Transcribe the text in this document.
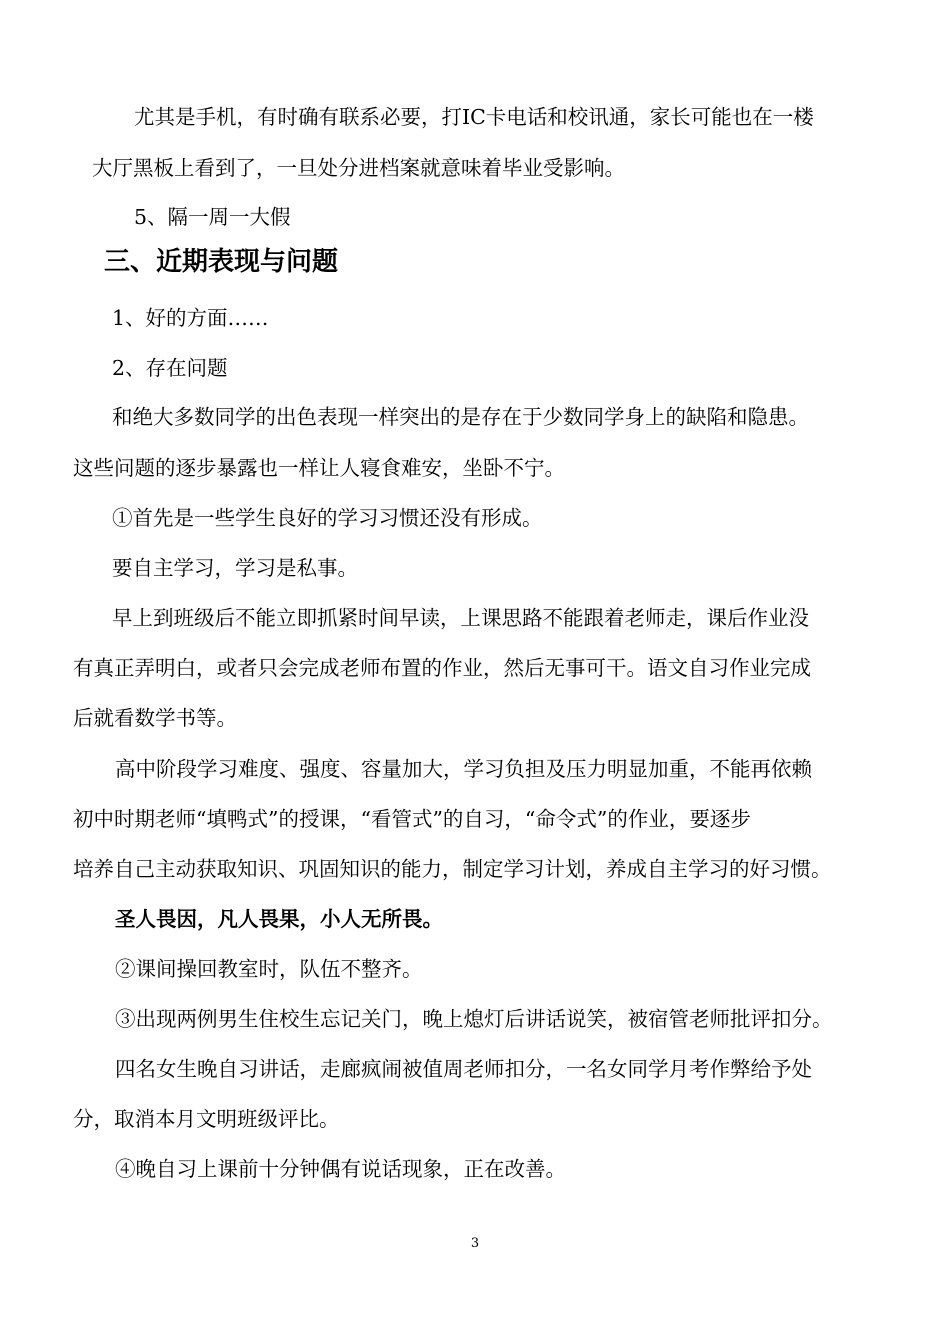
尤其是手机，有时确有联系必要，打IC卡电话和校讯通，家长可能也在一楼

大厅黑板上看到了，一旦处分进档案就意味着毕业受影响。

5、隔一周一大假

三、近期表现与问题

1、好的方面……

2、存在问题

和绝大多数同学的出色表现一样突出的是存在于少数同学身上的缺陷和隐患。

这些问题的逐步暴露也一样让人寝食难安，坐卧不宁。

①首先是一些学生良好的学习习惯还没有形成。

要自主学习，学习是私事。

早上到班级后不能立即抓紧时间早读，上课思路不能跟着老师走，课后作业没

有真正弄明白，或者只会完成老师布置的作业，然后无事可干。语文自习作业完成

后就看数学书等。

高中阶段学习难度、强度、容量加大，学习负担及压力明显加重，不能再依赖

初中时期老师“填鸭式”的授课，“看管式”的自习，“命令式”的作业，要逐步

培养自己主动获取知识、巩固知识的能力，制定学习计划，养成自主学习的好习惯。

圣人畏因，凡人畏果，小人无所畏。

②课间操回教室时，队伍不整齐。

③出现两例男生住校生忘记关门，晚上熄灯后讲话说笑，被宿管老师批评扣分。

四名女生晚自习讲话，走廊疯闹被值周老师扣分，一名女同学月考作弊给予处

分，取消本月文明班级评比。

④晚自习上课前十分钟偶有说话现象，正在改善。

3
